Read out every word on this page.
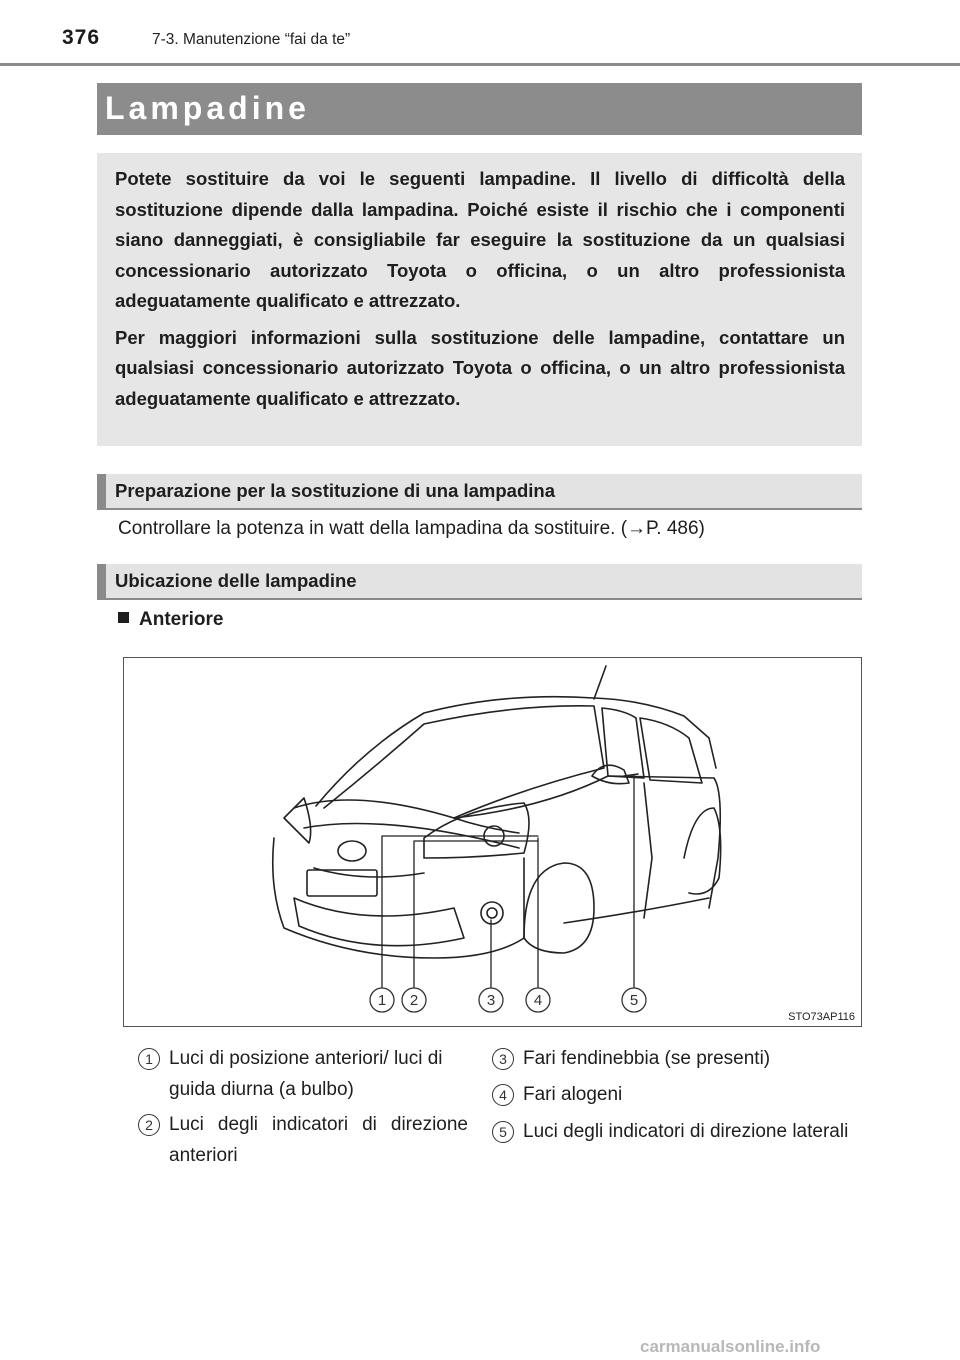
376	7-3. Manutenzione “fai da te”
Lampadine

Potete sostituire da voi le seguenti lampadine. Il livello di difficoltà della sostituzione dipende dalla lampadina. Poiché esiste il rischio che i componenti siano danneggiati, è consigliabile far eseguire la sostituzione da un qualsiasi concessionario autorizzato Toyota o officina, o un altro professionista adeguatamente qualificato e attrezzato.

Per maggiori informazioni sulla sostituzione delle lampadine, contattare un qualsiasi concessionario autorizzato Toyota o officina, o un altro professionista adeguatamente qualificato e attrezzato.

Preparazione per la sostituzione di una lampadina
Controllare la potenza in watt della lampadina da sostituire. (→P. 486)
Ubicazione delle lampadine
Anteriore
1 2	3	4	5
STO73AP116
1 Luci di posizione anteriori/ luci di guida diurna (a bulbo)
2 Luci degli indicatori di direzione anteriori
3 Fari fendinebbia (se presenti)
4 Fari alogeni
5 Luci degli indicatori di direzione laterali
carmanualsonline.info
